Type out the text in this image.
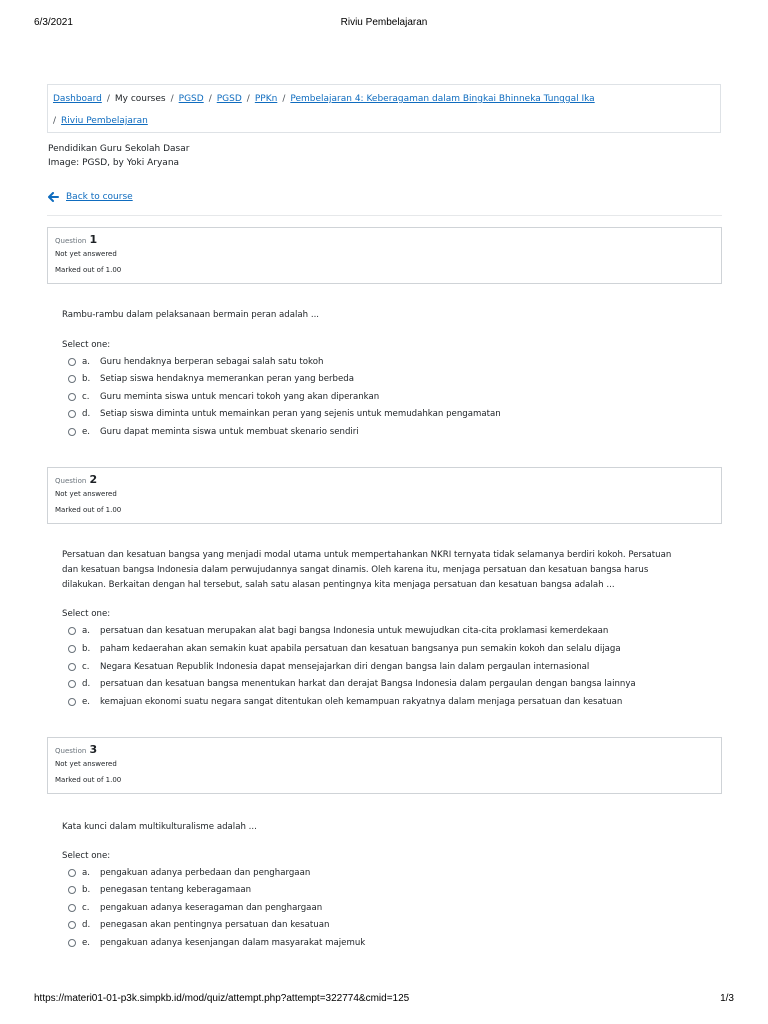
6/3/2021	Riviu Pembelajaran
Dashboard / My courses / PGSD / PGSD / PPKn / Pembelajaran 4: Keberagaman dalam Bingkai Bhinneka Tunggal Ika
/ Riviu Pembelajaran
Pendidikan Guru Sekolah Dasar
Image: PGSD, by Yoki Aryana
Back to course
Question 1
Not yet answered
Marked out of 1.00
Rambu-rambu dalam pelaksanaan bermain peran adalah ...
Select one:
a.	Guru hendaknya berperan sebagai salah satu tokoh
b.	Setiap siswa hendaknya memerankan peran yang berbeda
c.	Guru meminta siswa untuk mencari tokoh yang akan diperankan
d.	Setiap siswa diminta untuk memainkan peran yang sejenis untuk memudahkan pengamatan
e.	Guru dapat meminta siswa untuk membuat skenario sendiri
Question 2
Not yet answered
Marked out of 1.00
Persatuan dan kesatuan bangsa yang menjadi modal utama untuk mempertahankan NKRI ternyata tidak selamanya berdiri kokoh. Persatuan
dan kesatuan bangsa Indonesia dalam perwujudannya sangat dinamis. Oleh karena itu, menjaga persatuan dan kesatuan bangsa harus
dilakukan. Berkaitan dengan hal tersebut, salah satu alasan pentingnya kita menjaga persatuan dan kesatuan bangsa adalah ...
Select one:
a.	persatuan dan kesatuan merupakan alat bagi bangsa Indonesia untuk mewujudkan cita-cita proklamasi kemerdekaan
b.	paham kedaerahan akan semakin kuat apabila persatuan dan kesatuan bangsanya pun semakin kokoh dan selalu dijaga
c.	Negara Kesatuan Republik Indonesia dapat mensejajarkan diri dengan bangsa lain dalam pergaulan internasional
d.	persatuan dan kesatuan bangsa menentukan harkat dan derajat Bangsa Indonesia dalam pergaulan dengan bangsa lainnya
e.	kemajuan ekonomi suatu negara sangat ditentukan oleh kemampuan rakyatnya dalam menjaga persatuan dan kesatuan
Question 3
Not yet answered
Marked out of 1.00
Kata kunci dalam multikulturalisme adalah ...
Select one:
a.	pengakuan adanya perbedaan dan penghargaan
b.	penegasan tentang keberagamaan
c.	pengakuan adanya keseragaman dan penghargaan
d.	penegasan akan pentingnya persatuan dan kesatuan
e.	pengakuan adanya kesenjangan dalam masyarakat majemuk
https://materi01-01-p3k.simpkb.id/mod/quiz/attempt.php?attempt=322774&cmid=125	1/3
